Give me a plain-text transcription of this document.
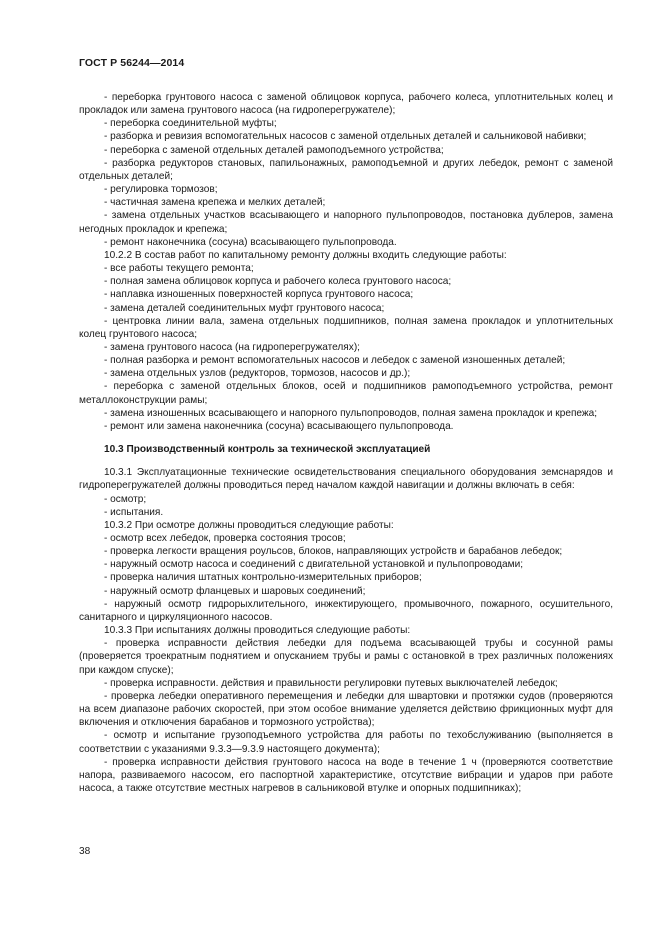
ГОСТ Р 56244—2014

- переборка грунтового насоса с заменой облицовок корпуса, рабочего колеса, уплотнительных колец и прокладок или замена грунтового насоса (на гидроперегружателе);

- переборка соединительной муфты;

- разборка и ревизия вспомогательных насосов с заменой отдельных деталей и сальниковой набивки;

- переборка с заменой отдельных деталей рамоподъемного устройства;

- разборка редукторов становых, папильонажных, рамоподъемной и других лебедок, ремонт с заменой отдельных деталей;

- регулировка тормозов;

- частичная замена крепежа и мелких деталей;

- замена отдельных участков всасывающего и напорного пульпопроводов, постановка дублеров, замена негодных прокладок и крепежа;

- ремонт наконечника (сосуна) всасывающего пульпопровода.

10.2.2 В состав работ по капитальному ремонту должны входить следующие работы:

- все работы текущего ремонта;

- полная замена облицовок корпуса и рабочего колеса грунтового насоса;

- наплавка изношенных поверхностей корпуса грунтового насоса;

- замена деталей соединительных муфт грунтового насоса;

- центровка линии вала, замена отдельных подшипников, полная замена прокладок и уплотнительных колец грунтового насоса;

- замена грунтового насоса (на гидроперегружателях);

- полная разборка и ремонт вспомогательных насосов и лебедок с заменой изношенных деталей;

- замена отдельных узлов (редукторов, тормозов, насосов и др.);

- переборка с заменой отдельных блоков, осей и подшипников рамоподъемного устройства, ремонт металлоконструкции рамы;

- замена изношенных всасывающего и напорного пульпопроводов, полная замена прокладок и крепежа;

- ремонт или замена наконечника (сосуна) всасывающего пульпопровода.

10.3 Производственный контроль за технической эксплуатацией

10.3.1 Эксплуатационные технические освидетельствования специального оборудования земснарядов и гидроперегружателей должны проводиться перед началом каждой навигации и должны включать в себя:

- осмотр;

- испытания.

10.3.2 При осмотре должны проводиться следующие работы:

- осмотр всех лебедок, проверка состояния тросов;

- проверка легкости вращения роульсов, блоков, направляющих устройств и барабанов лебедок;

- наружный осмотр насоса и соединений с двигательной установкой и пульпопроводами;

- проверка наличия штатных контрольно-измерительных приборов;

- наружный осмотр фланцевых и шаровых соединений;

- наружный осмотр гидрорыхлительного, инжектирующего, промывочного, пожарного, осушительного, санитарного и циркуляционного насосов.

10.3.3 При испытаниях должны проводиться следующие работы:

- проверка исправности действия лебедки для подъема всасывающей трубы и сосунной рамы (проверяется троекратным поднятием и опусканием трубы и рамы с остановкой в трех различных положениях при каждом спуске);

- проверка исправности. действия и правильности регулировки путевых выключателей лебедок;

- проверка лебедки оперативного перемещения и лебедки для швартовки и протяжки судов (проверяются на всем диапазоне рабочих скоростей, при этом особое внимание уделяется действию фрикционных муфт для включения и отключения барабанов и тормозного устройства);

- осмотр и испытание грузоподъемного устройства для работы по техобслуживанию (выполняется в соответствии с указаниями 9.3.3—9.3.9 настоящего документа);

- проверка исправности действия грунтового насоса на воде в течение 1 ч (проверяются соответствие напора, развиваемого насосом, его паспортной характеристике, отсутствие вибрации и ударов при работе насоса, а также отсутствие местных нагревов в сальниковой втулке и опорных подшипниках);

38
